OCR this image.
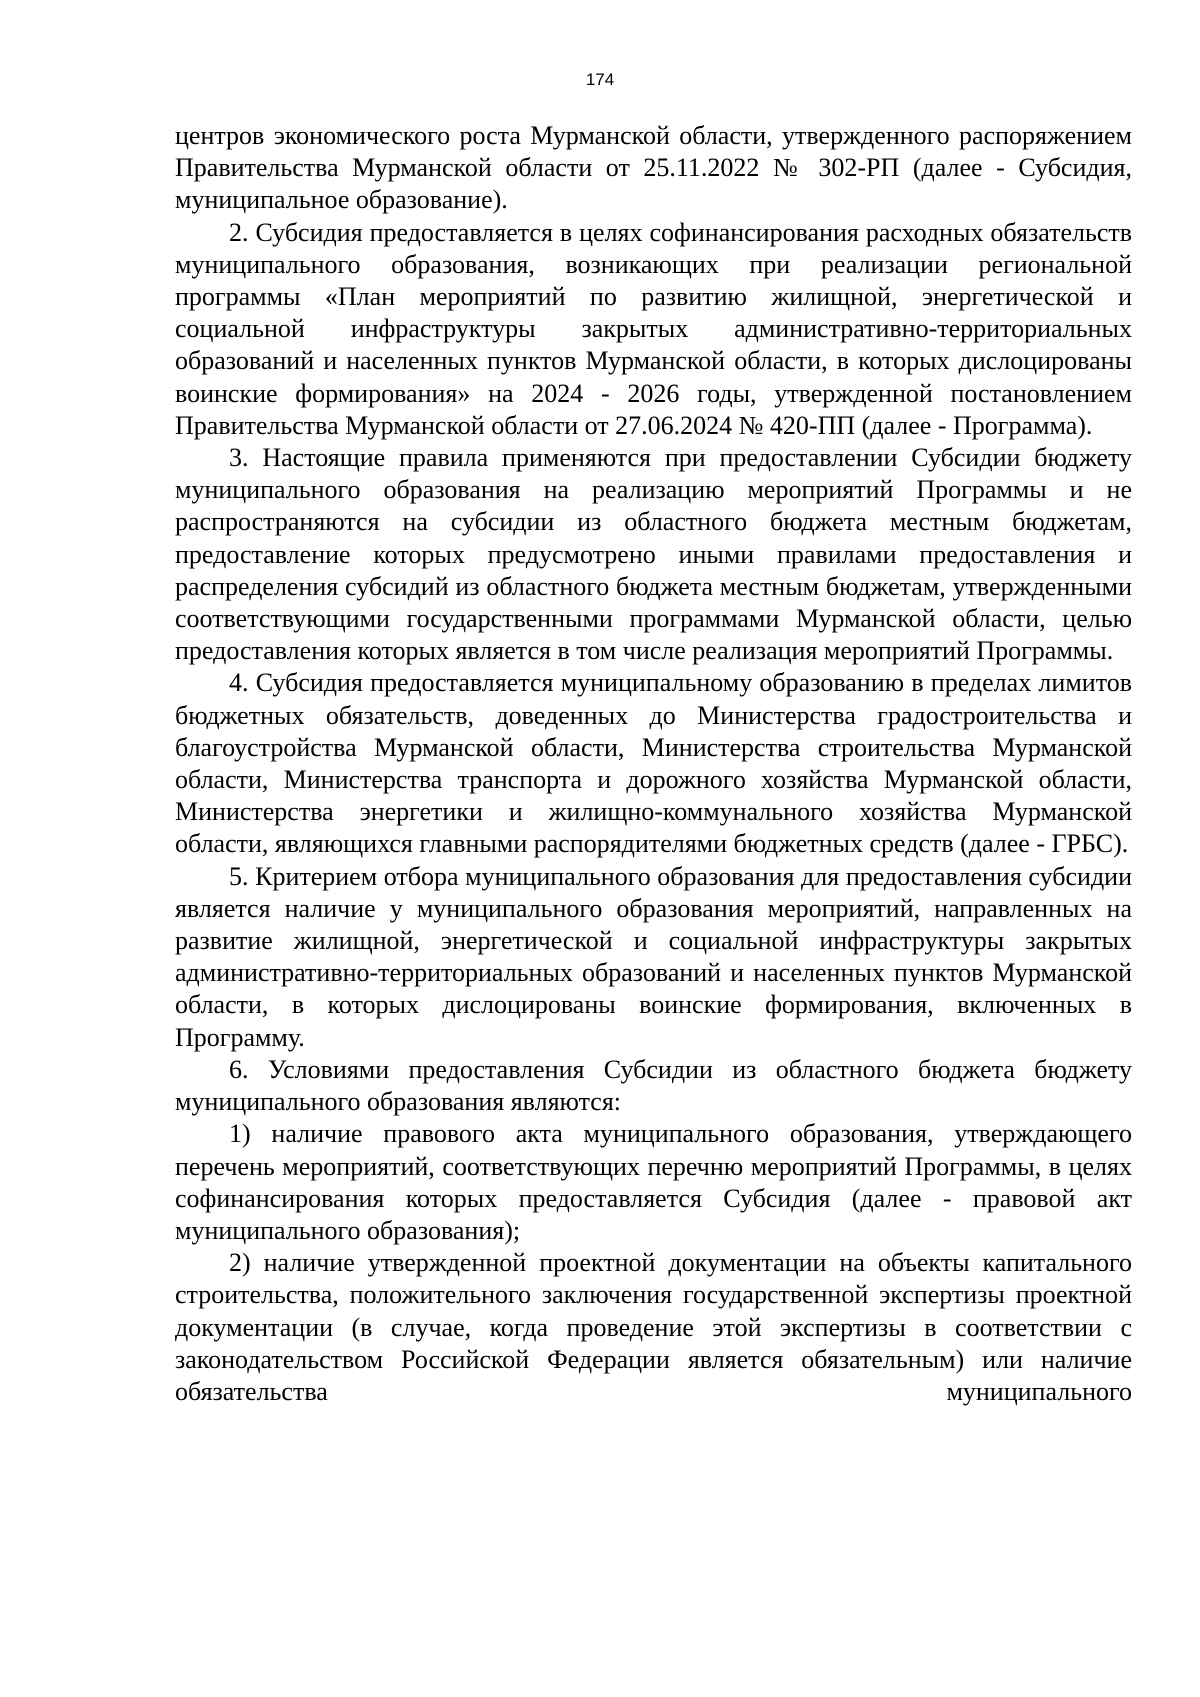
174

центров экономического роста Мурманской области, утвержденного распоряжением Правительства Мурманской области от 25.11.2022 № 302-РП (далее - Субсидия, муниципальное образование).

2. Субсидия предоставляется в целях софинансирования расходных обязательств муниципального образования, возникающих при реализации региональной программы «План мероприятий по развитию жилищной, энергетической и социальной инфраструктуры закрытых административно-территориальных образований и населенных пунктов Мурманской области, в которых дислоцированы воинские формирования» на 2024 - 2026 годы, утвержденной постановлением Правительства Мурманской области от 27.06.2024 № 420-ПП (далее - Программа).

3. Настоящие правила применяются при предоставлении Субсидии бюджету муниципального образования на реализацию мероприятий Программы и не распространяются на субсидии из областного бюджета местным бюджетам, предоставление которых предусмотрено иными правилами предоставления и распределения субсидий из областного бюджета местным бюджетам, утвержденными соответствующими государственными программами Мурманской области, целью предоставления которых является в том числе реализация мероприятий Программы.

4. Субсидия предоставляется муниципальному образованию в пределах лимитов бюджетных обязательств, доведенных до Министерства градостроительства и благоустройства Мурманской области, Министерства строительства Мурманской области, Министерства транспорта и дорожного хозяйства Мурманской области, Министерства энергетики и жилищно-коммунального хозяйства Мурманской области, являющихся главными распорядителями бюджетных средств (далее - ГРБС).

5. Критерием отбора муниципального образования для предоставления субсидии является наличие у муниципального образования мероприятий, направленных на развитие жилищной, энергетической и социальной инфраструктуры закрытых административно-территориальных образований и населенных пунктов Мурманской области, в которых дислоцированы воинские формирования, включенных в Программу.

6. Условиями предоставления Субсидии из областного бюджета бюджету муниципального образования являются:

1) наличие правового акта муниципального образования, утверждающего перечень мероприятий, соответствующих перечню мероприятий Программы, в целях софинансирования которых предоставляется Субсидия (далее - правовой акт муниципального образования);

2) наличие утвержденной проектной документации на объекты капитального строительства, положительного заключения государственной экспертизы проектной документации (в случае, когда проведение этой экспертизы в соответствии с законодательством Российской Федерации является обязательным) или наличие обязательства муниципального
